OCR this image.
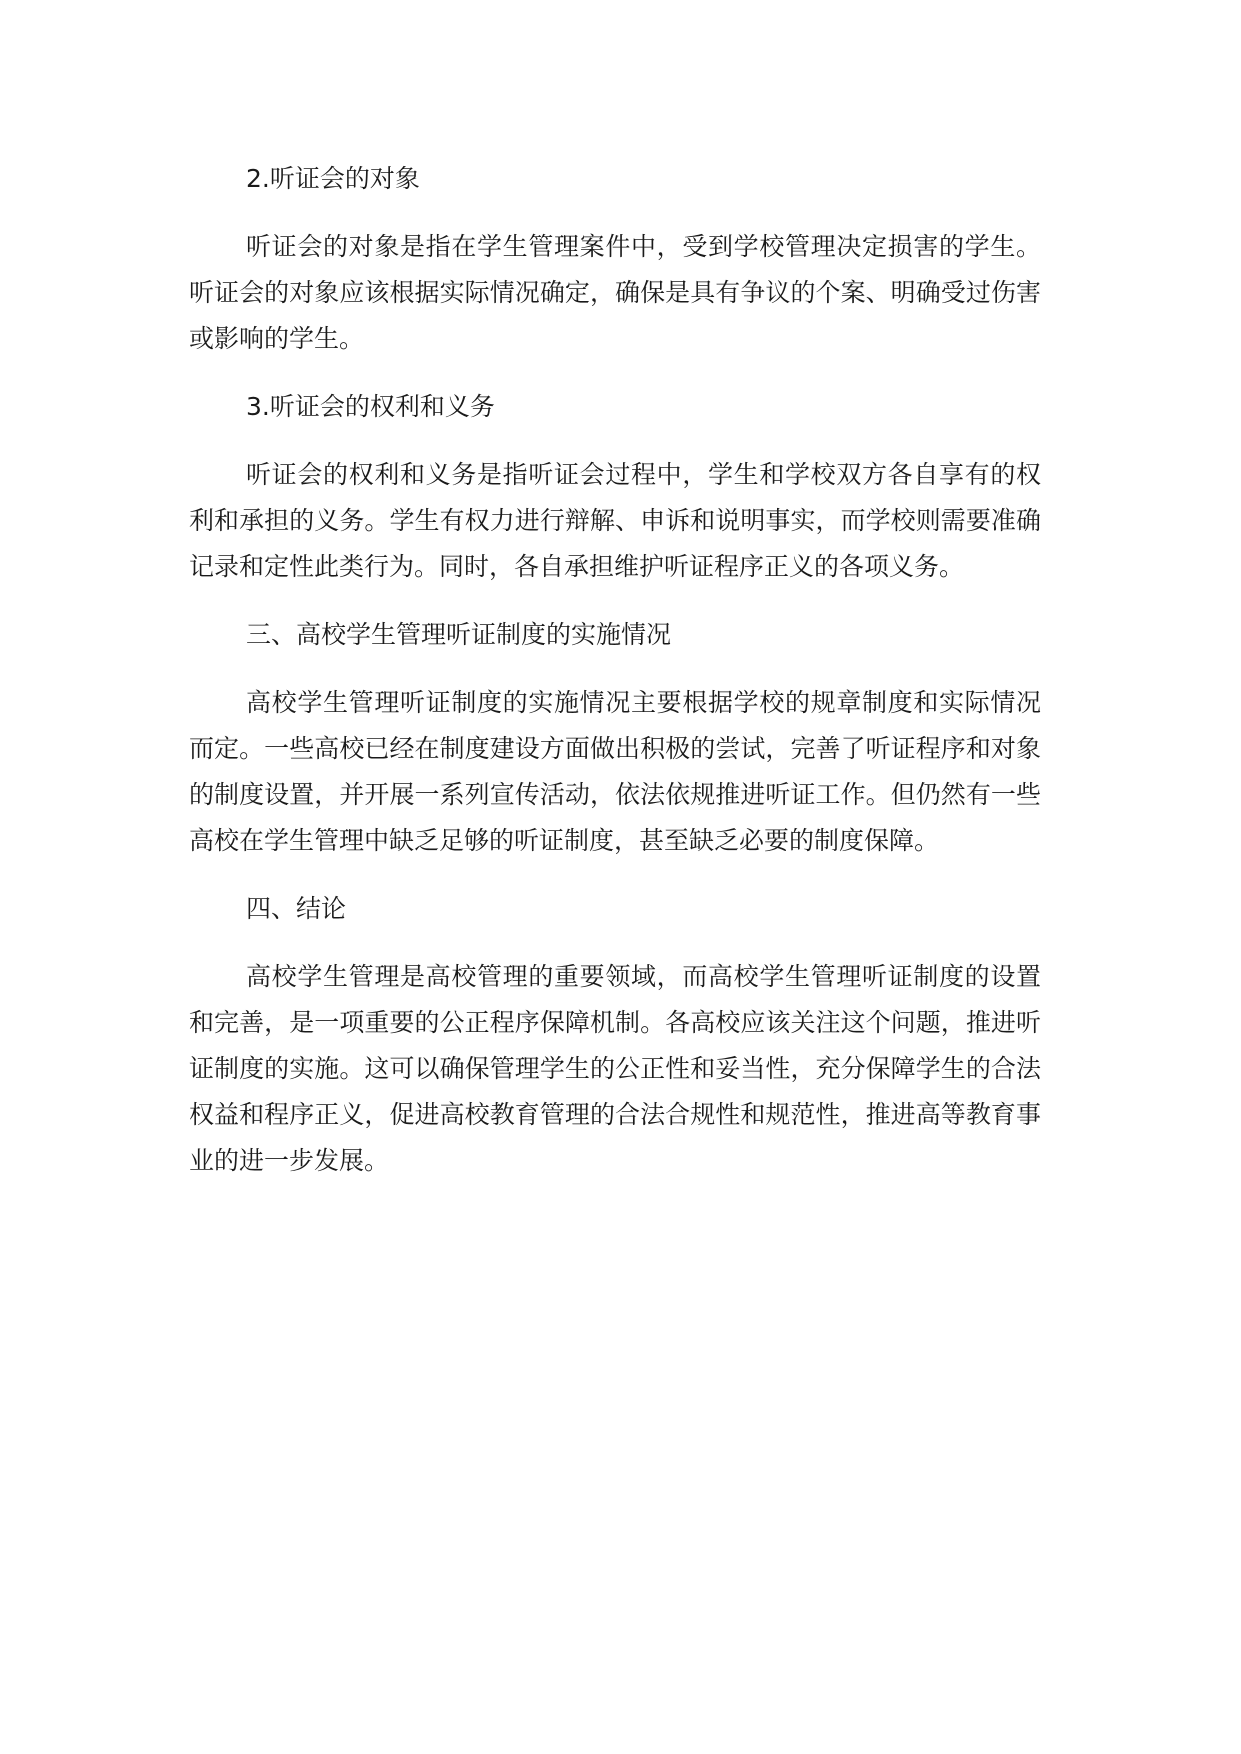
2.听证会的对象

听证会的对象是指在学生管理案件中，受到学校管理决定损害的学生。听证会的对象应该根据实际情况确定，确保是具有争议的个案、明确受过伤害或影响的学生。

3.听证会的权利和义务

听证会的权利和义务是指听证会过程中，学生和学校双方各自享有的权利和承担的义务。学生有权力进行辩解、申诉和说明事实，而学校则需要准确记录和定性此类行为。同时，各自承担维护听证程序正义的各项义务。

三、高校学生管理听证制度的实施情况

高校学生管理听证制度的实施情况主要根据学校的规章制度和实际情况而定。一些高校已经在制度建设方面做出积极的尝试，完善了听证程序和对象的制度设置，并开展一系列宣传活动，依法依规推进听证工作。但仍然有一些高校在学生管理中缺乏足够的听证制度，甚至缺乏必要的制度保障。

四、结论

高校学生管理是高校管理的重要领域，而高校学生管理听证制度的设置和完善，是一项重要的公正程序保障机制。各高校应该关注这个问题，推进听证制度的实施。这可以确保管理学生的公正性和妥当性，充分保障学生的合法权益和程序正义，促进高校教育管理的合法合规性和规范性，推进高等教育事业的进一步发展。
